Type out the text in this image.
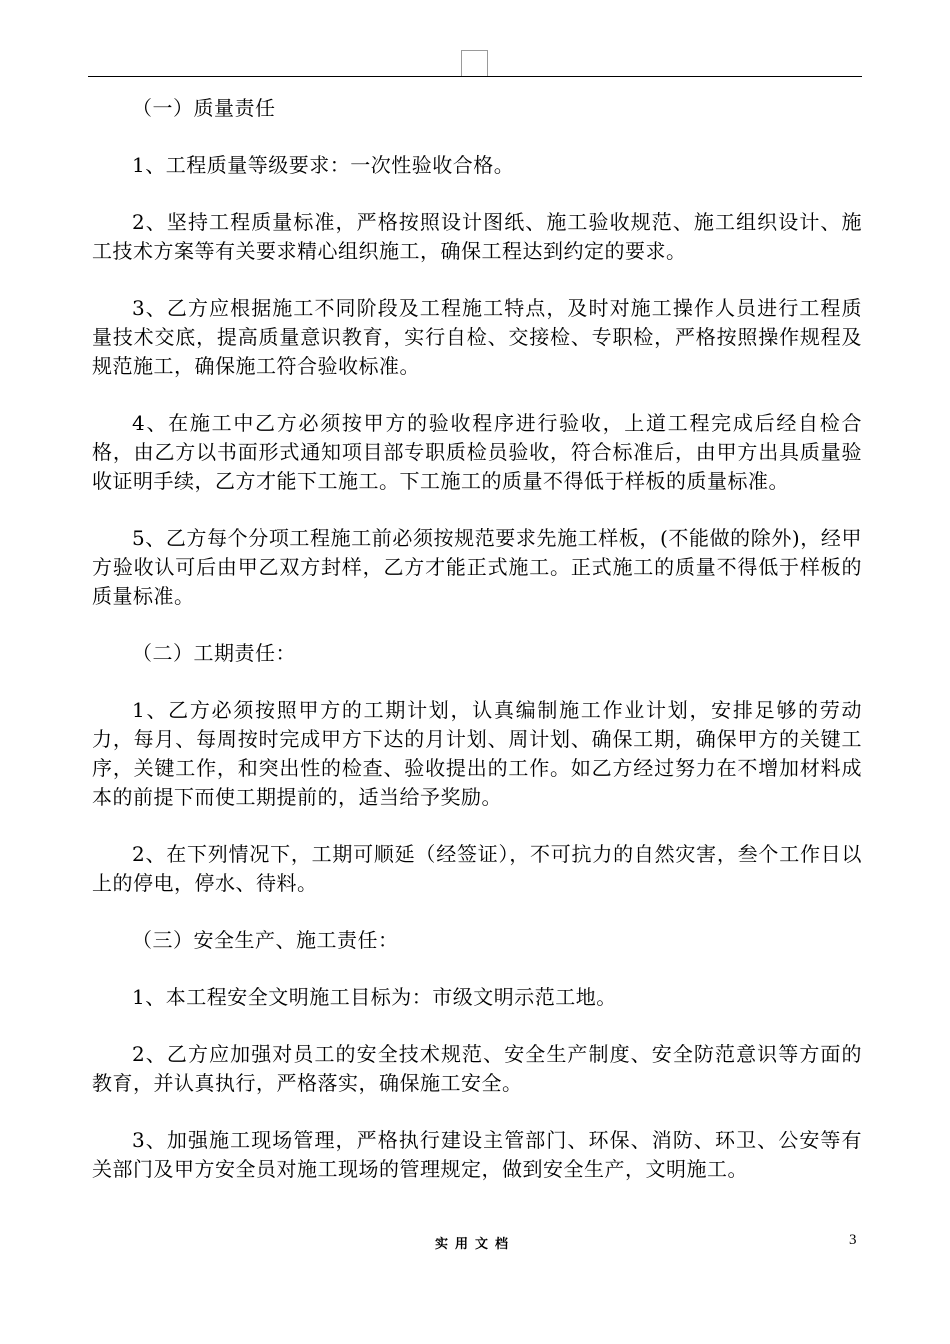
（一）质量责任

1、工程质量等级要求：一次性验收合格。

2、坚持工程质量标准，严格按照设计图纸、施工验收规范、施工组织设计、施工技术方案等有关要求精心组织施工，确保工程达到约定的要求。

3、乙方应根据施工不同阶段及工程施工特点，及时对施工操作人员进行工程质量技术交底，提高质量意识教育，实行自检、交接检、专职检，严格按照操作规程及规范施工，确保施工符合验收标准。

4、在施工中乙方必须按甲方的验收程序进行验收，上道工程完成后经自检合格，由乙方以书面形式通知项目部专职质检员验收，符合标准后，由甲方出具质量验收证明手续，乙方才能下工施工。下工施工的质量不得低于样板的质量标准。

5、乙方每个分项工程施工前必须按规范要求先施工样板，(不能做的除外)，经甲方验收认可后由甲乙双方封样，乙方才能正式施工。正式施工的质量不得低于样板的质量标准。

（二）工期责任：

1、乙方必须按照甲方的工期计划，认真编制施工作业计划，安排足够的劳动力，每月、每周按时完成甲方下达的月计划、周计划、确保工期，确保甲方的关键工序，关键工作，和突出性的检查、验收提出的工作。如乙方经过努力在不增加材料成本的前提下而使工期提前的，适当给予奖励。

2、在下列情况下，工期可顺延（经签证），不可抗力的自然灾害，叁个工作日以上的停电，停水、待料。

（三）安全生产、施工责任：

1、本工程安全文明施工目标为：市级文明示范工地。

2、乙方应加强对员工的安全技术规范、安全生产制度、安全防范意识等方面的教育，并认真执行，严格落实，确保施工安全。

3、加强施工现场管理，严格执行建设主管部门、环保、消防、环卫、公安等有关部门及甲方安全员对施工现场的管理规定，做到安全生产，文明施工。

实用文档	3
